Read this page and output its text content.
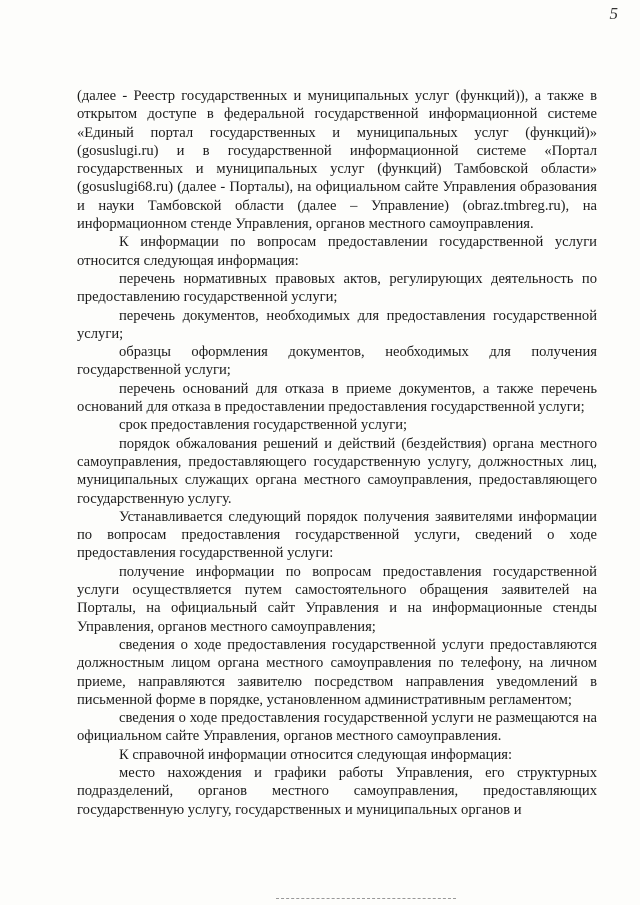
5

(далее - Реестр государственных и муниципальных услуг (функций)), а также в открытом доступе в федеральной государственной информационной системе «Единый портал государственных и муниципальных услуг (функций)» (gosuslugi.ru) и в государственной информационной системе «Портал государственных и муниципальных услуг (функций) Тамбовской области» (gosuslugi68.ru) (далее - Порталы), на официальном сайте Управления образования и науки Тамбовской области (далее – Управление) (obraz.tmbreg.ru), на информационном стенде Управления, органов местного самоуправления.

К информации по вопросам предоставлении государственной услуги относится следующая информация:

перечень нормативных правовых актов, регулирующих деятельность по предоставлению государственной услуги;

перечень документов, необходимых для предоставления государственной услуги;

образцы оформления документов, необходимых для получения государственной услуги;

перечень оснований для отказа в приеме документов, а также перечень оснований для отказа в предоставлении предоставления государственной услуги;

срок предоставления государственной услуги;

порядок обжалования решений и действий (бездействия) органа местного самоуправления, предоставляющего государственную услугу, должностных лиц, муниципальных служащих органа местного самоуправления, предоставляющего государственную услугу.

Устанавливается следующий порядок получения заявителями информации по вопросам предоставления государственной услуги, сведений о ходе предоставления государственной услуги:

получение информации по вопросам предоставления государственной услуги осуществляется путем самостоятельного обращения заявителей на Порталы, на официальный сайт Управления и на информационные стенды Управления, органов местного самоуправления;

сведения о ходе предоставления государственной услуги предоставляются должностным лицом органа местного самоуправления по телефону, на личном приеме, направляются заявителю посредством направления уведомлений в письменной форме в порядке, установленном административным регламентом;

сведения о ходе предоставления государственной услуги не размещаются на официальном сайте Управления, органов местного самоуправления.

К справочной информации относится следующая информация:

место нахождения и графики работы Управления, его структурных подразделений, органов местного самоуправления, предоставляющих государственную услугу, государственных и муниципальных органов и
